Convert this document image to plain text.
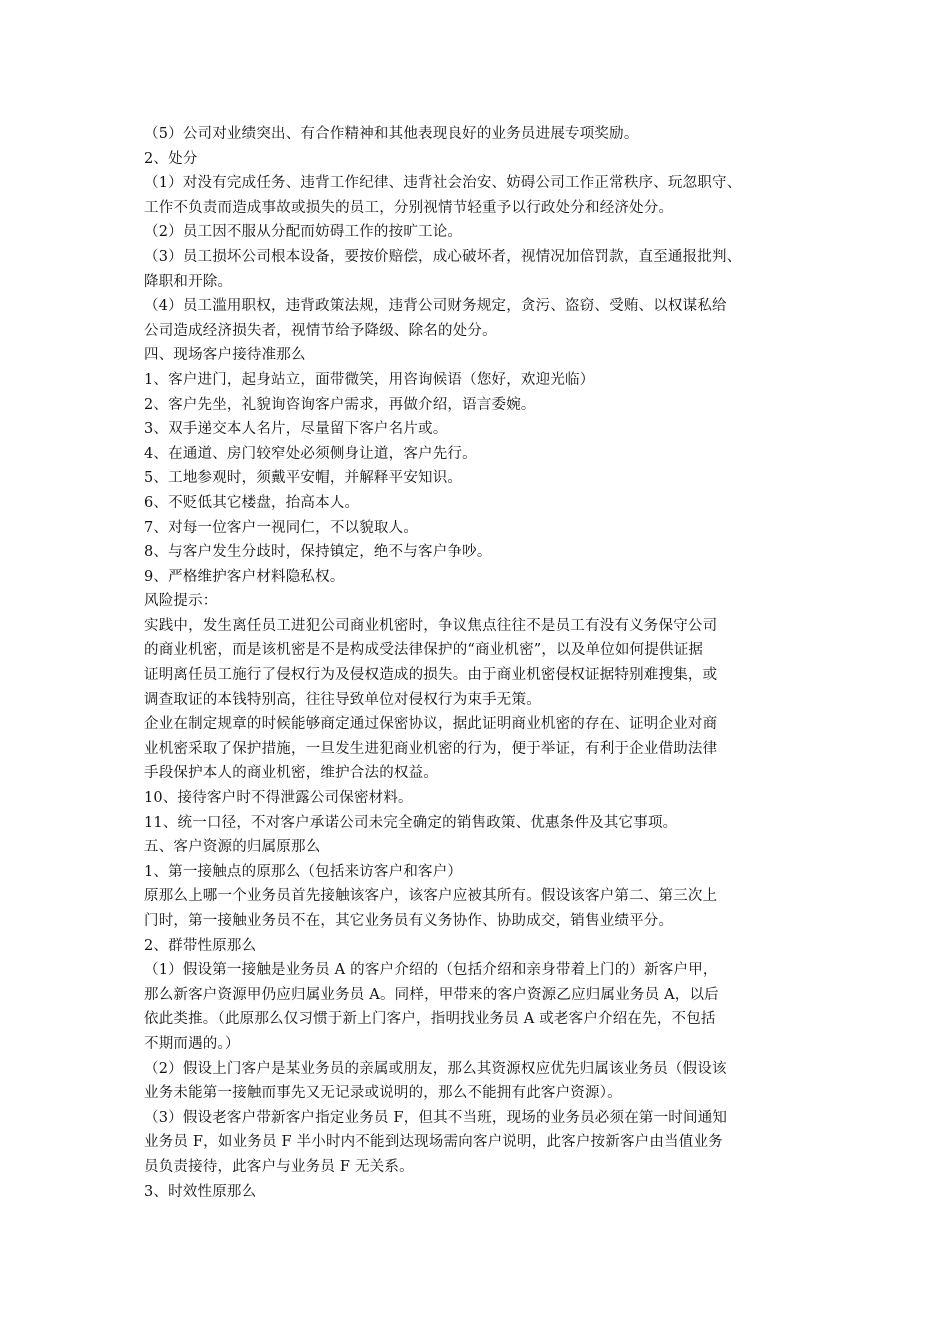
（5）公司对业绩突出、有合作精神和其他表现良好的业务员进展专项奖励。
2、处分
（1）对没有完成任务、违背工作纪律、违背社会治安、妨碍公司工作正常秩序、玩忽职守、
工作不负责而造成事故或损失的员工，分别视情节轻重予以行政处分和经济处分。
（2）员工因不服从分配而妨碍工作的按旷工论。
（3）员工损坏公司根本设备，要按价赔偿，成心破坏者，视情况加倍罚款，直至通报批判、
降职和开除。
（4）员工滥用职权，违背政策法规，违背公司财务规定，贪污、盗窃、受贿、以权谋私给
公司造成经济损失者，视情节给予降级、除名的处分。
四、现场客户接待准那么
1、客户进门，起身站立，面带微笑，用咨询候语（您好，欢迎光临）
2、客户先坐，礼貌询咨询客户需求，再做介绍，语言委婉。
3、双手递交本人名片，尽量留下客户名片或。
4、在通道、房门较窄处必须侧身让道，客户先行。
5、工地参观时，须戴平安帽，并解释平安知识。
6、不贬低其它楼盘，抬高本人。
7、对每一位客户一视同仁，不以貌取人。
8、与客户发生分歧时，保持镇定，绝不与客户争吵。
9、严格维护客户材料隐私权。
风险提示：
实践中，发生离任员工进犯公司商业机密时，争议焦点往往不是员工有没有义务保守公司
的商业机密，而是该机密是不是构成受法律保护的“商业机密”，以及单位如何提供证据
证明离任员工施行了侵权行为及侵权造成的损失。由于商业机密侵权证据特别难搜集，或
调查取证的本钱特别高，往往导致单位对侵权行为束手无策。
企业在制定规章的时候能够商定通过保密协议，据此证明商业机密的存在、证明企业对商
业机密采取了保护措施，一旦发生进犯商业机密的行为，便于举证，有利于企业借助法律
手段保护本人的商业机密，维护合法的权益。
10、接待客户时不得泄露公司保密材料。
11、统一口径，不对客户承诺公司未完全确定的销售政策、优惠条件及其它事项。
五、客户资源的归属原那么
1、第一接触点的原那么（包括来访客户和客户）
原那么上哪一个业务员首先接触该客户，该客户应被其所有。假设该客户第二、第三次上
门时，第一接触业务员不在，其它业务员有义务协作、协助成交，销售业绩平分。
2、群带性原那么
（1）假设第一接触是业务员 A 的客户介绍的（包括介绍和亲身带着上门的）新客户甲，
那么新客户资源甲仍应归属业务员 A。同样，甲带来的客户资源乙应归属业务员 A，以后
依此类推。（此原那么仅习惯于新上门客户，指明找业务员 A 或老客户介绍在先，不包括
不期而遇的。）
（2）假设上门客户是某业务员的亲属或朋友，那么其资源权应优先归属该业务员（假设该
业务未能第一接触而事先又无记录或说明的，那么不能拥有此客户资源）。
（3）假设老客户带新客户指定业务员 F，但其不当班，现场的业务员必须在第一时间通知
业务员 F，如业务员 F 半小时内不能到达现场需向客户说明，此客户按新客户由当值业务
员负责接待，此客户与业务员 F 无关系。
3、时效性原那么
